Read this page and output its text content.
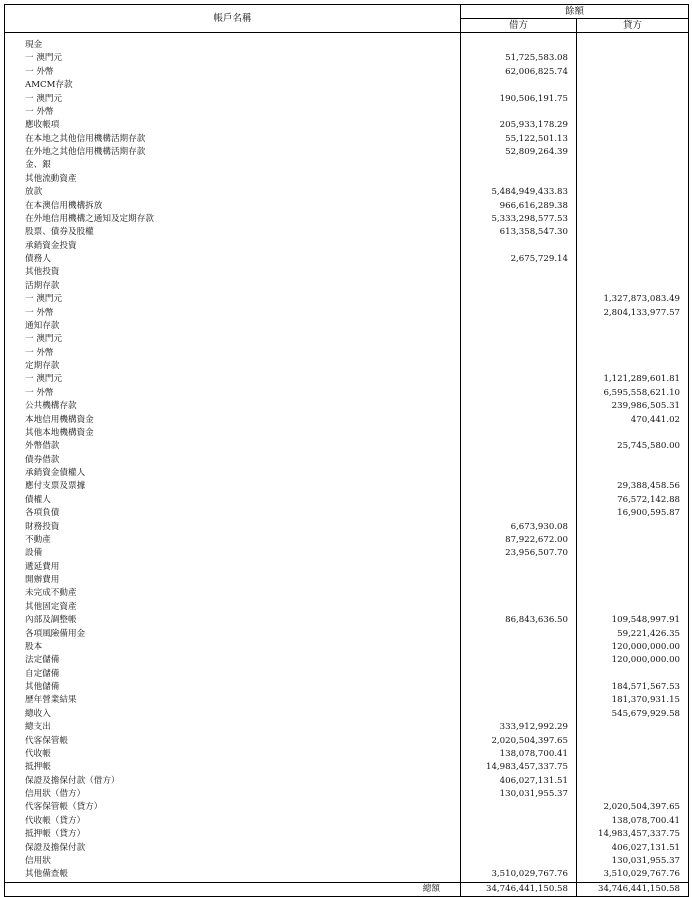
帳戶名稱	餘額	
	借方	貸方

現金		
一 澳門元	51,725,583.08	
一 外幣	62,006,825.74	
AMCM存款		
一 澳門元	190,506,191.75	
一 外幣		
應收帳項	205,933,178.29	
在本地之其他信用機構活期存款	55,122,501.13	
在外地之其他信用機構活期存款	52,809,264.39	
金、銀		
其他流動資產		
放款	5,484,949,433.83	
在本澳信用機構拆放	966,616,289.38	
在外地信用機構之通知及定期存款	5,333,298,577.53	
股票、債券及股權	613,358,547.30	
承銷資金投資		
債務人	2,675,729.14	
其他投資		
活期存款		
一 澳門元		1,327,873,083.49
一 外幣		2,804,133,977.57
通知存款		
一 澳門元		
一 外幣		
定期存款		
一 澳門元		1,121,289,601.81
一 外幣		6,595,558,621.10
公共機構存款		239,986,505.31
本地信用機構資金		470,441.02
其他本地機構資金		
外幣借款		25,745,580.00
債券借款		
承銷資金債權人		
應付支票及票據		29,388,458.56
債權人		76,572,142.88
各項負債		16,900,595.87
財務投資	6,673,930.08	
不動產	87,922,672.00	
設備	23,956,507.70	
遞延費用		
開辦費用		
未完成不動產		
其他固定資產		
內部及調整帳	86,843,636.50	109,548,997.91
各項風險備用金		59,221,426.35
股本		120,000,000.00
法定儲備		120,000,000.00
自定儲備		
其他儲備		184,571,567.53
歷年營業結果		181,370,931.15
總收入		545,679,929.58
總支出	333,912,992.29	
代客保管帳	2,020,504,397.65	
代收帳	138,078,700.41	
抵押帳	14,983,457,337.75	
保證及擔保付款（借方）	406,027,131.51	
信用狀（借方）	130,031,955.37	
代客保管帳（貸方）		2,020,504,397.65
代收帳（貸方）		138,078,700.41
抵押帳（貸方）		14,983,457,337.75
保證及擔保付款		406,027,131.51
信用狀		130,031,955.37
其他備查帳	3,510,029,767.76	3,510,029,767.76
總額	34,746,441,150.58	34,746,441,150.58
